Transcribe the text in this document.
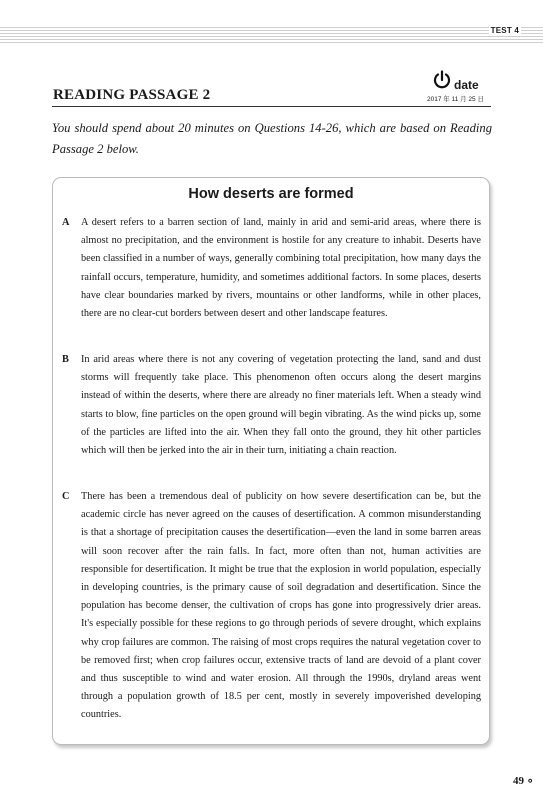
TEST 4
READING PASSAGE 2
date
2017 年 11 月 25 日
You should spend about 20 minutes on Questions 14-26, which are based on Reading Passage 2 below.
How deserts are formed
A A desert refers to a barren section of land, mainly in arid and semi-arid areas, where there is almost no precipitation, and the environment is hostile for any creature to inhabit. Deserts have been classified in a number of ways, generally combining total precipitation, how many days the rainfall occurs, temperature, humidity, and sometimes additional factors. In some places, deserts have clear boundaries marked by rivers, mountains or other landforms, while in other places, there are no clear-cut borders between desert and other landscape features.
B In arid areas where there is not any covering of vegetation protecting the land, sand and dust storms will frequently take place. This phenomenon often occurs along the desert margins instead of within the deserts, where there are already no finer materials left. When a steady wind starts to blow, fine particles on the open ground will begin vibrating. As the wind picks up, some of the particles are lifted into the air. When they fall onto the ground, they hit other particles which will then be jerked into the air in their turn, initiating a chain reaction.
C There has been a tremendous deal of publicity on how severe desertification can be, but the academic circle has never agreed on the causes of desertification. A common misunderstanding is that a shortage of precipitation causes the desertification—even the land in some barren areas will soon recover after the rain falls. In fact, more often than not, human activities are responsible for desertification. It might be true that the explosion in world population, especially in developing countries, is the primary cause of soil degradation and desertification. Since the population has become denser, the cultivation of crops has gone into progressively drier areas. It's especially possible for these regions to go through periods of severe drought, which explains why crop failures are common. The raising of most crops requires the natural vegetation cover to be removed first; when crop failures occur, extensive tracts of land are devoid of a plant cover and thus susceptible to wind and water erosion. All through the 1990s, dryland areas went through a population growth of 18.5 per cent, mostly in severely impoverished developing countries.
49 ∘
